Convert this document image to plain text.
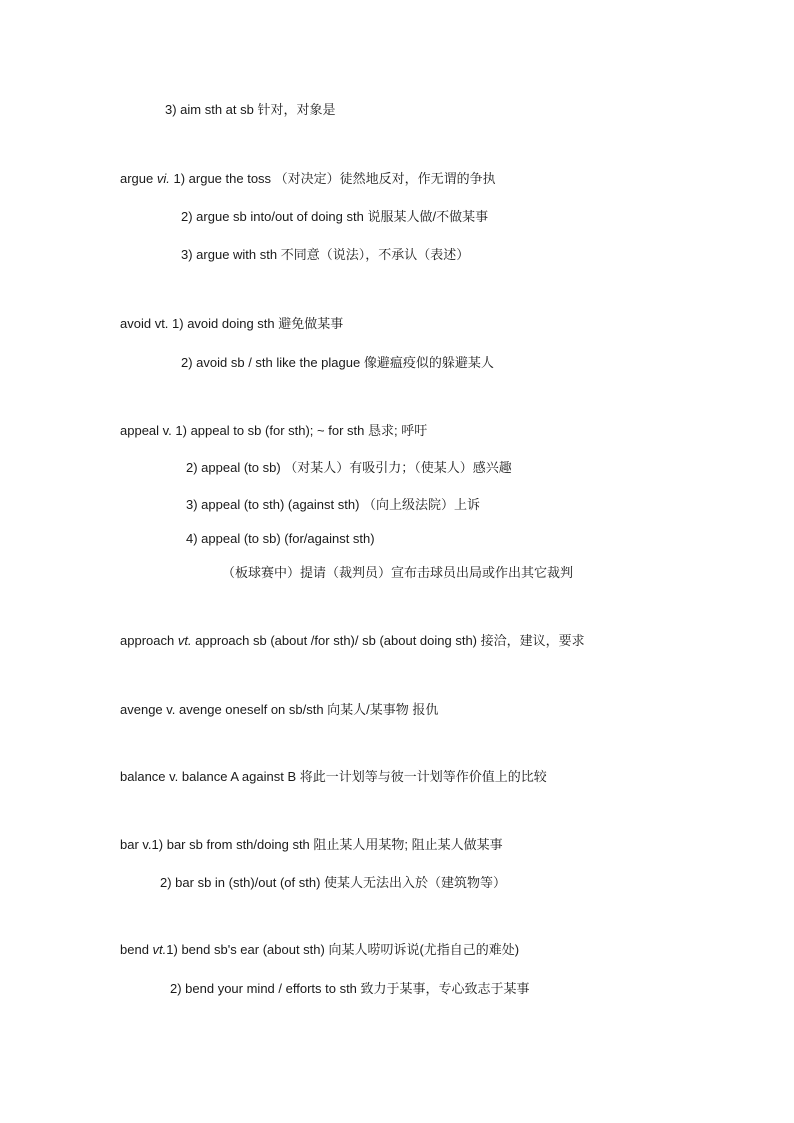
3) aim sth at sb 针对，对象是
argue vi. 1) argue the toss （对决定）徒然地反对，作无谓的争执
2) argue sb into/out of doing sth 说服某人做/不做某事
3) argue with sth 不同意（说法），不承认（表述）
avoid vt. 1) avoid doing sth 避免做某事
2) avoid sb / sth like the plague 像避瘟疫似的躲避某人
appeal v. 1) appeal to sb (for sth); ~ for sth 恳求; 呼吁
2) appeal (to sb) （对某人）有吸引力；（使某人）感兴趣
3) appeal (to sth) (against sth) （向上级法院）上诉
4) appeal (to sb) (for/against sth)
（板球赛中）提请（裁判员）宣布击球员出局或作出其它裁判
approach vt. approach sb (about /for sth)/ sb (about doing sth) 接洽，建议，要求
avenge v. avenge oneself on sb/sth 向某人/某事物 报仇
balance v. balance A against B 将此一计划等与彼一计划等作价值上的比较
bar v.1) bar sb from sth/doing sth 阻止某人用某物; 阻止某人做某事
2) bar sb in (sth)/out (of sth) 使某人无法出入於（建筑物等）
bend vt.1) bend sb's ear (about sth) 向某人唠叨诉说(尤指自己的难处)
2) bend your mind / efforts to sth 致力于某事，专心致志于某事
